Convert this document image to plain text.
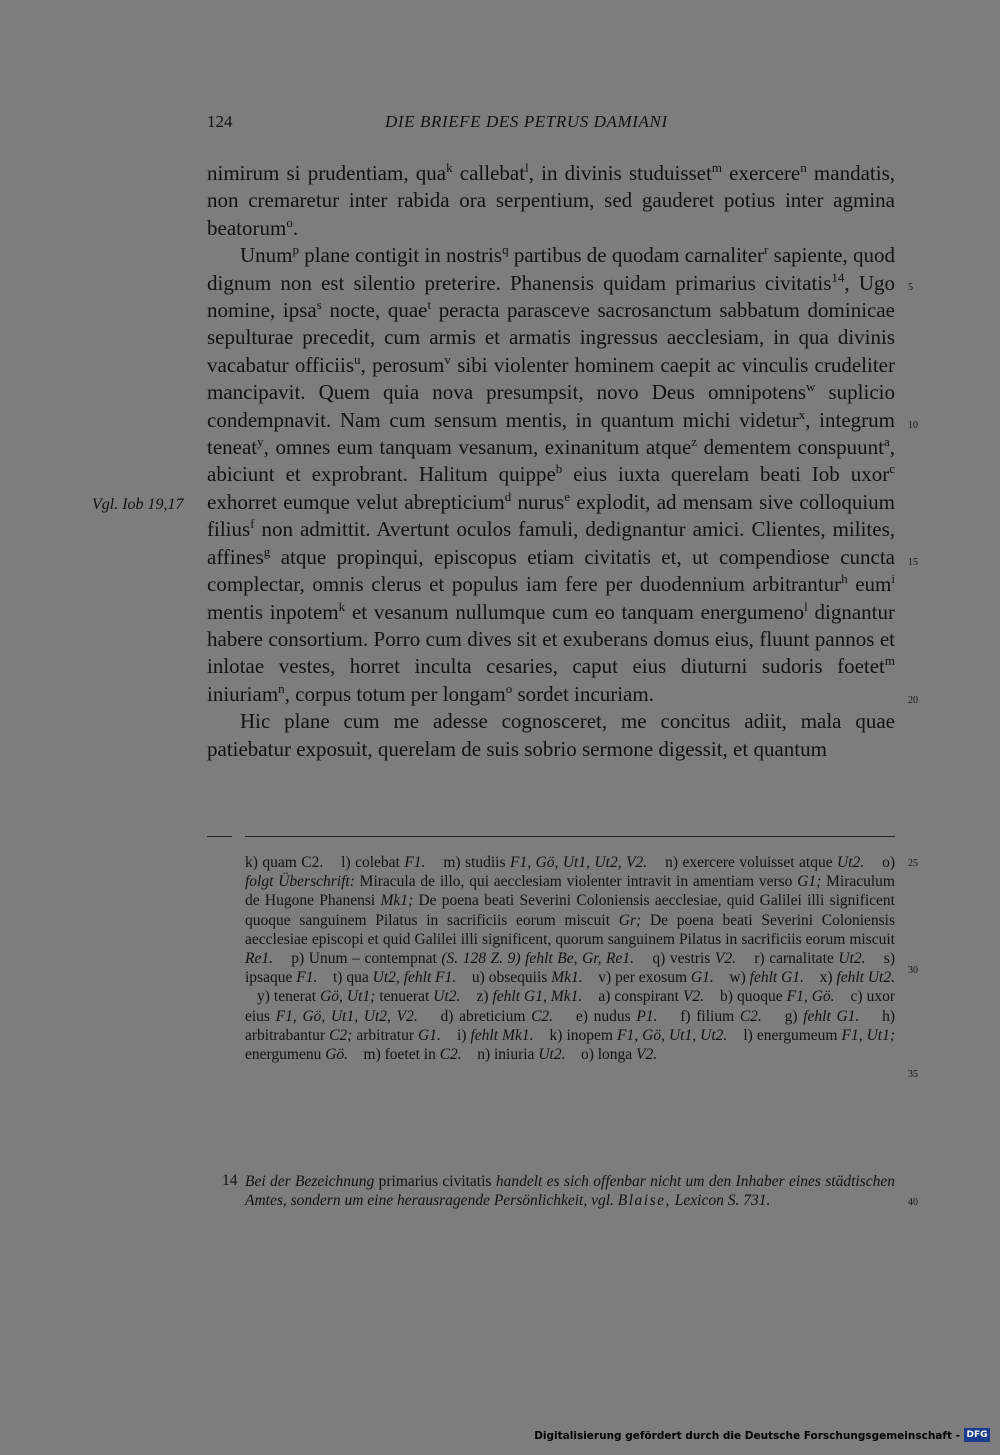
124	DIE BRIEFE DES PETRUS DAMIANI

nimirum si prudentiam, qua$^k$ callebat$^l$, in divinis studuisset$^m$ exercere$^n$ mandatis, non cremaretur inter rabida ora serpentium, sed gauderet potius inter agmina beatorum$^o$.

Unum$^p$ plane contigit in nostris$^q$ partibus de quodam carnaliter$^r$ sapiente, quod dignum non est silentio preterire. Phanensis quidam primarius civitatis$^{14}$, Ugo nomine, ipsa$^s$ nocte, quae$^t$ peracta parasceve sacrosanctum sabbatum dominicae sepulturae precedit, cum armis et armatis ingressus aecclesiam, in qua divinis vacabatur officiis$^u$, perosum$^v$ sibi violenter hominem caepit ac vinculis crudeliter mancipavit. Quem quia nova presumpsit, novo Deus omnipotens$^w$ suplicio condempnavit. Nam cum sensum mentis, in quantum michi videtur$^x$, integrum teneat$^y$, omnes eum tanquam vesanum, exinanitum atque$^z$ dementem conspuunt$^a$, abiciunt et exprobrant. Halitum quippe$^b$ eius iuxta querelam beati Iob uxor$^c$ exhorret eumque velut abrepticium$^d$ nurus$^e$ explodit, ad mensam sive colloquium filius$^f$ non admittit. Avertunt oculos famuli, dedignantur amici. Clientes, milites, affines$^g$ atque propinqui, episcopus etiam civitatis et, ut compendiose cuncta complectar, omnis clerus et populus iam fere per duodennium arbitrantur$^h$ eum$^i$ mentis inpotem$^k$ et vesanum nullumque cum eo tanquam energumeno$^l$ dignantur habere consortium. Porro cum dives sit et exuberans domus eius, fluunt pannos et inlotae vestes, horret inculta cesaries, caput eius diuturni sudoris foetet$^m$ iniuriam$^n$, corpus totum per longam$^o$ sordet incuriam.

Hic plane cum me adesse cognosceret, me concitus adiit, mala quae patiebatur exposuit, querelam de suis sobrio sermone digessit, et quantum

Vgl. Iob 19,17
5
10
15
20
25
30
35
40
k) quam C2.    l) colebat F1.    m) studiis F1, Gö, Ut1, Ut2, V2.    n) exercere voluisset atque Ut2.    o) folgt Überschrift: Miracula de illo, qui aecclesiam violenter intravit in amentiam verso G1; Miraculum de Hugone Phanensi Mk1; De poena beati Severini Coloniensis aecclesiae, quid Galilei illi significent quoque sanguinem Pilatus in sacrificiis eorum miscuit Gr; De poena beati Severini Coloniensis aecclesiae episcopi et quid Galilei illi significent, quorum sanguinem Pilatus in sacrificiis eorum miscuit Re1.    p) Unum – contempnat (S. 128 Z. 9) fehlt Be, Gr, Re1.    q) vestris V2.    r) carnalitate Ut2.    s) ipsaque F1.    t) qua Ut2, fehlt F1.    u) obsequiis Mk1.    v) per exosum G1.    w) fehlt G1.    x) fehlt Ut2.    y) tenerat Gö, Ut1; tenuerat Ut2.    z) fehlt G1, Mk1.    a) conspirant V2.    b) quoque F1, Gö.    c) uxor eius F1, Gö, Ut1, Ut2, V2.    d) abreticium C2.    e) nudus P1.    f) filium C2.    g) fehlt G1.    h) arbitrabantur C2; arbitratur G1.    i) fehlt Mk1.    k) inopem F1, Gö, Ut1, Ut2.    l) energumeum F1, Ut1; energumenu Gö.    m) foetet in C2.    n) iniuria Ut2.    o) longa V2.
14 Bei der Bezeichnung primarius civitatis handelt es sich offenbar nicht um den Inhaber eines städtischen Amtes, sondern um eine herausragende Persönlichkeit, vgl. Blaise, Lexicon S. 731.
Digitalisierung gefördert durch die Deutsche Forschungsgemeinschaft - DFG
